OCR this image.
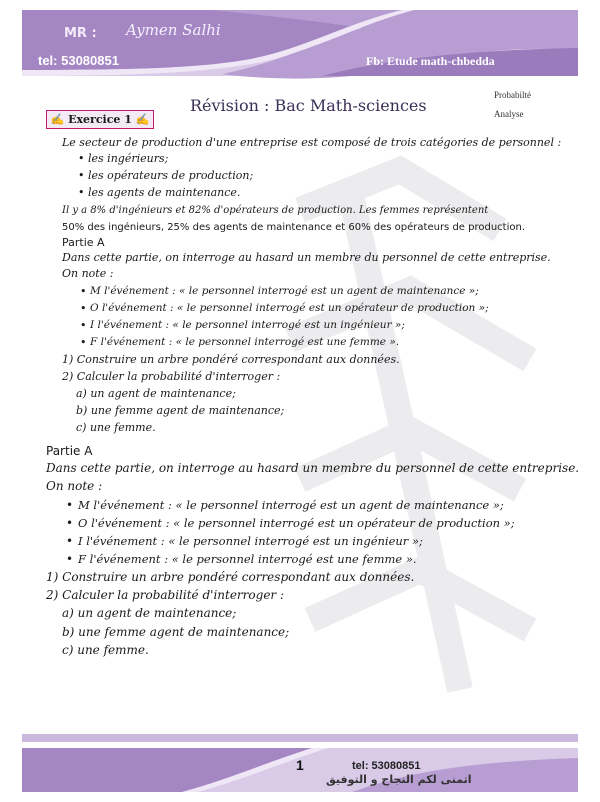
MR : Aymen Salhi
tel: 53080851	Fb: Etude math-chbedda
Probabilté
Analyse
Révision : Bac Math-sciences
✍ Exercice 1 ✍
Le secteur de production d'une entreprise est composé de trois catégories de personnel :
• les ingérieurs;
• les opérateurs de production;
• les agents de maintenance.
Il y a 8% d'ingénieurs et 82% d'opérateurs de production. Les femmes représentent
50% des ingénieurs, 25% des agents de maintenance et 60% des opérateurs de production.
Partie A
Dans cette partie, on interroge au hasard un membre du personnel de cette entreprise.
On note :
• M l'événement : « le personnel interrogé est un agent de maintenance »;
• O l'événement : « le personnel interrogé est un opérateur de production »;
• I l'événement : « le personnel interrogé est un ingénieur »;
• F l'événement : « le personnel interrogé est une femme ».
1) Construire un arbre pondéré correspondant aux données.
2) Calculer la probabilité d'interroger :
a) un agent de maintenance;
b) une femme agent de maintenance;
c) une femme.
Partie A
Dans cette partie, on interroge au hasard un membre du personnel de cette entreprise.
On note :
• M l'événement : « le personnel interrogé est un agent de maintenance »;
• O l'événement : « le personnel interrogé est un opérateur de production »;
• I l'événement : « le personnel interrogé est un ingénieur »;
• F l'événement : « le personnel interrogé est une femme ».
1) Construire un arbre pondéré correspondant aux données.
2) Calculer la probabilité d'interroger :
a) un agent de maintenance;
b) une femme agent de maintenance;
c) une femme.
1	tel: 53080851
اتمنى لكم النجاح و التوفيق
